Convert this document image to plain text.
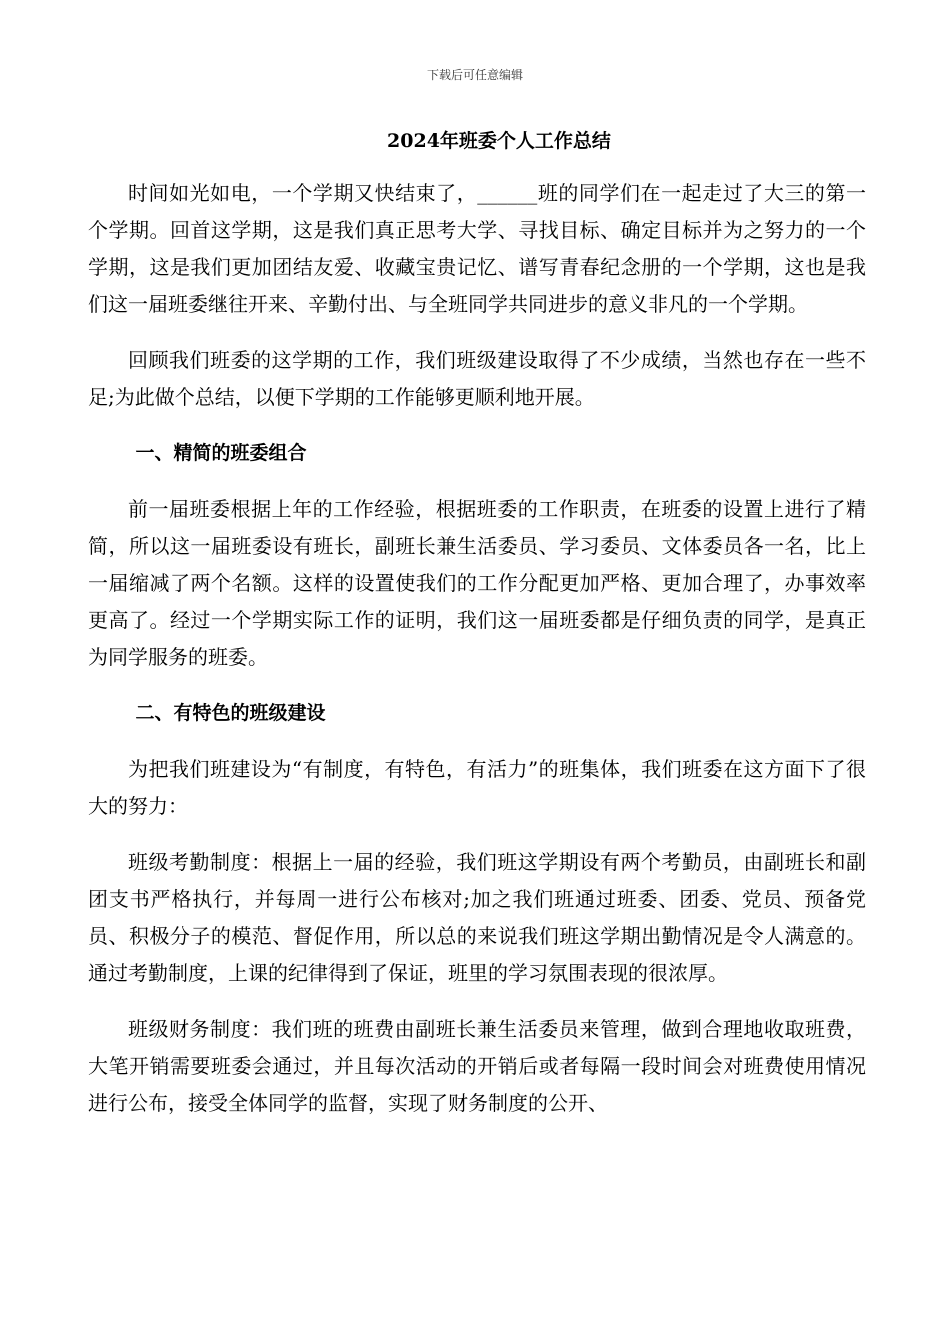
下载后可任意编辑
2024年班委个人工作总结

时间如光如电，一个学期又快结束了，______班的同学们在一起走过了大三的第一个学期。回首这学期，这是我们真正思考大学、寻找目标、确定目标并为之努力的一个学期，这是我们更加团结友爱、收藏宝贵记忆、谱写青春纪念册的一个学期，这也是我们这一届班委继往开来、辛勤付出、与全班同学共同进步的意义非凡的一个学期。

回顾我们班委的这学期的工作，我们班级建设取得了不少成绩，当然也存在一些不足;为此做个总结，以便下学期的工作能够更顺利地开展。

一、精简的班委组合

前一届班委根据上年的工作经验，根据班委的工作职责，在班委的设置上进行了精简，所以这一届班委设有班长，副班长兼生活委员、学习委员、文体委员各一名，比上一届缩减了两个名额。这样的设置使我们的工作分配更加严格、更加合理了，办事效率更高了。经过一个学期实际工作的证明，我们这一届班委都是仔细负责的同学，是真正为同学服务的班委。

二、有特色的班级建设

为把我们班建设为“有制度，有特色，有活力”的班集体，我们班委在这方面下了很大的努力：

班级考勤制度：根据上一届的经验，我们班这学期设有两个考勤员，由副班长和副团支书严格执行，并每周一进行公布核对;加之我们班通过班委、团委、党员、预备党员、积极分子的模范、督促作用，所以总的来说我们班这学期出勤情况是令人满意的。通过考勤制度，上课的纪律得到了保证，班里的学习氛围表现的很浓厚。

班级财务制度：我们班的班费由副班长兼生活委员来管理，做到合理地收取班费，大笔开销需要班委会通过，并且每次活动的开销后或者每隔一段时间会对班费使用情况进行公布，接受全体同学的监督，实现了财务制度的公开、
